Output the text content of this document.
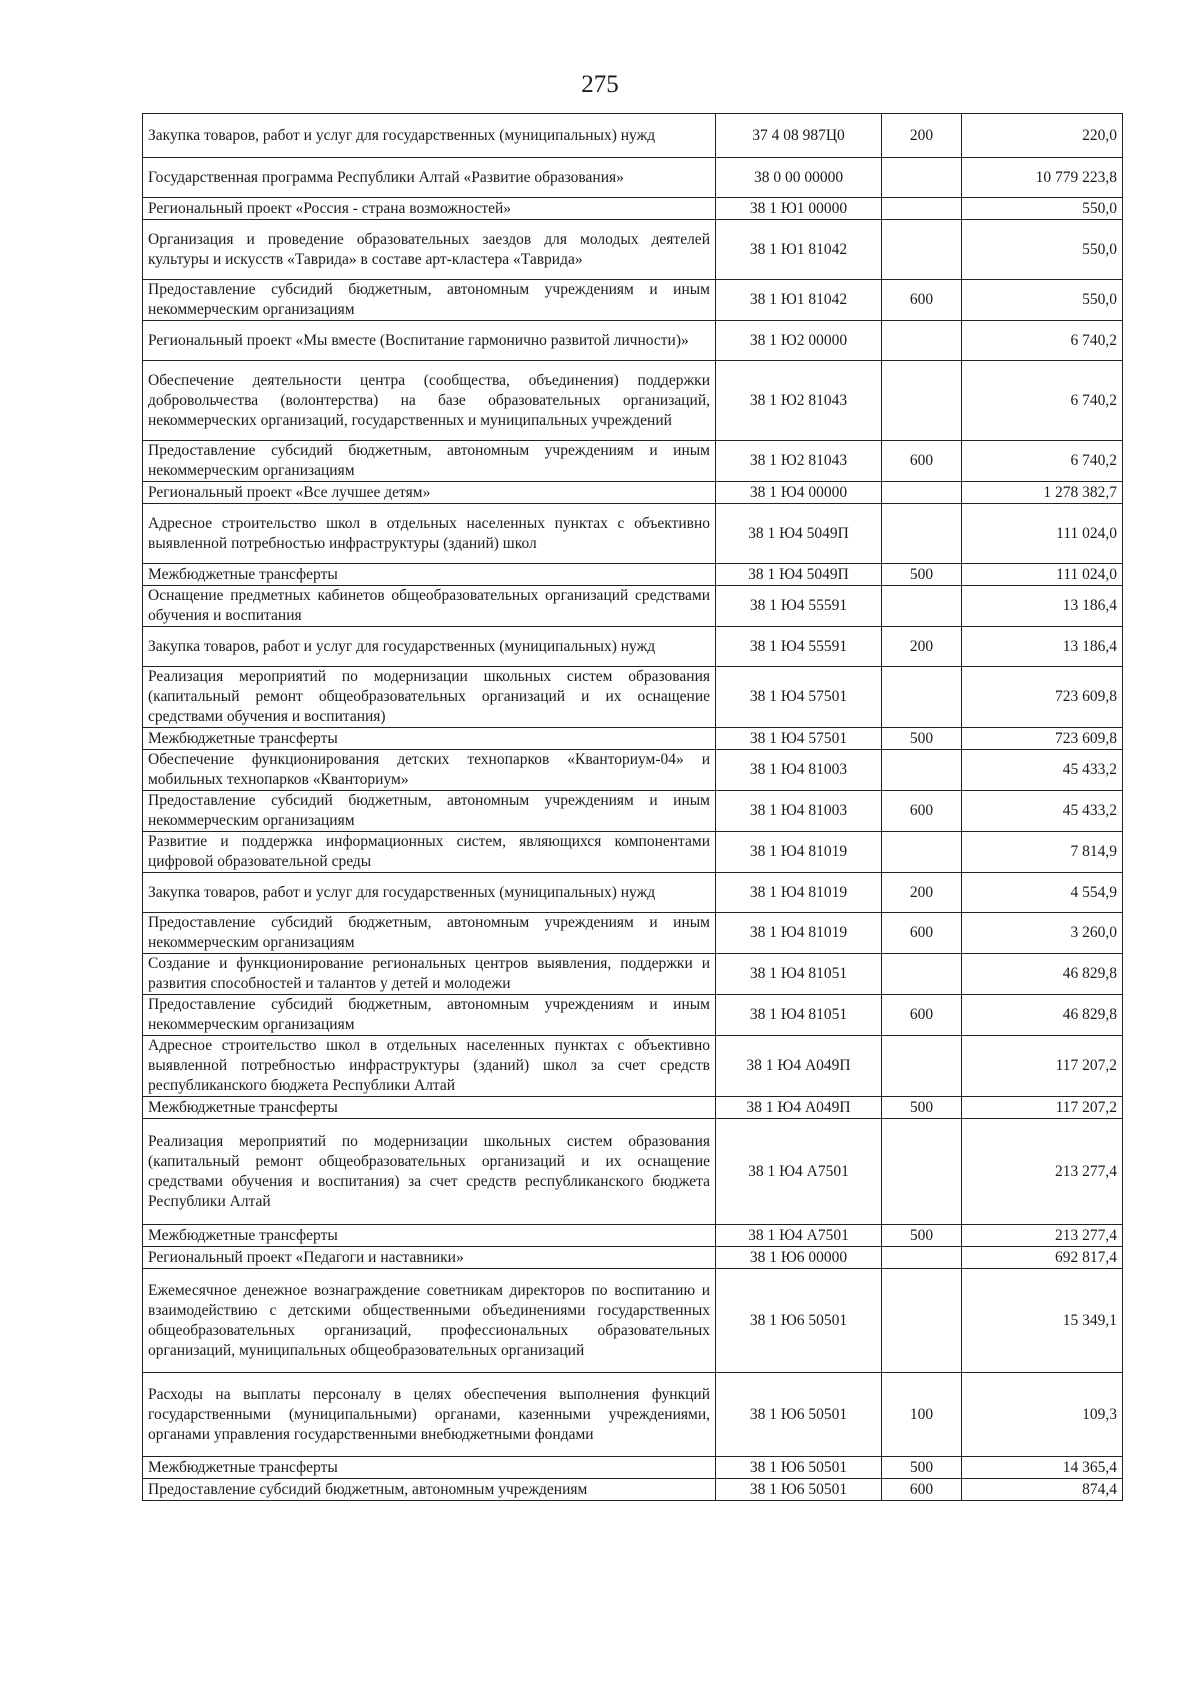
275
Закупка товаров, работ и услуг для государственных (муниципальных) нужд	37 4 08 987Ц0	200	220,0
Государственная программа Республики Алтай «Развитие образования»	38 0 00 00000		10 779 223,8
Региональный проект «Россия - страна возможностей»	38 1 Ю1 00000		550,0
Организация и проведение образовательных заездов для молодых деятелей культуры и искусств «Таврида» в составе арт-кластера «Таврида»	38 1 Ю1 81042		550,0
Предоставление субсидий бюджетным, автономным учреждениям и иным некоммерческим организациям	38 1 Ю1 81042	600	550,0
Региональный проект «Мы вместе (Воспитание гармонично развитой личности)»	38 1 Ю2 00000		6 740,2
Обеспечение деятельности центра (сообщества, объединения) поддержки добровольчества (волонтерства) на базе образовательных организаций, некоммерческих организаций, государственных и муниципальных учреждений	38 1 Ю2 81043		6 740,2
Предоставление субсидий бюджетным, автономным учреждениям и иным некоммерческим организациям	38 1 Ю2 81043	600	6 740,2
Региональный проект «Все лучшее детям»	38 1 Ю4 00000		1 278 382,7
Адресное строительство школ в отдельных населенных пунктах с объективно выявленной потребностью инфраструктуры (зданий) школ	38 1 Ю4 5049П		111 024,0
Межбюджетные трансферты	38 1 Ю4 5049П	500	111 024,0
Оснащение предметных кабинетов общеобразовательных организаций средствами обучения и воспитания	38 1 Ю4 55591		13 186,4
Закупка товаров, работ и услуг для государственных (муниципальных) нужд	38 1 Ю4 55591	200	13 186,4
Реализация мероприятий по модернизации школьных систем образования (капитальный ремонт общеобразовательных организаций и их оснащение средствами обучения и воспитания)	38 1 Ю4 57501		723 609,8
Межбюджетные трансферты	38 1 Ю4 57501	500	723 609,8
Обеспечение функционирования детских технопарков «Кванториум-04» и мобильных технопарков «Кванториум»	38 1 Ю4 81003		45 433,2
Предоставление субсидий бюджетным, автономным учреждениям и иным некоммерческим организациям	38 1 Ю4 81003	600	45 433,2
Развитие и поддержка информационных систем, являющихся компонентами цифровой образовательной среды	38 1 Ю4 81019		7 814,9
Закупка товаров, работ и услуг для государственных (муниципальных) нужд	38 1 Ю4 81019	200	4 554,9
Предоставление субсидий бюджетным, автономным учреждениям и иным некоммерческим организациям	38 1 Ю4 81019	600	3 260,0
Создание и функционирование региональных центров выявления, поддержки и развития способностей и талантов у детей и молодежи	38 1 Ю4 81051		46 829,8
Предоставление субсидий бюджетным, автономным учреждениям и иным некоммерческим организациям	38 1 Ю4 81051	600	46 829,8
Адресное строительство школ в отдельных населенных пунктах с объективно выявленной потребностью инфраструктуры (зданий) школ за счет средств республиканского бюджета Республики Алтай	38 1 Ю4 А049П		117 207,2
Межбюджетные трансферты	38 1 Ю4 А049П	500	117 207,2
Реализация мероприятий по модернизации школьных систем образования (капитальный ремонт общеобразовательных организаций и их оснащение средствами обучения и воспитания) за счет средств республиканского бюджета Республики Алтай	38 1 Ю4 А7501		213 277,4
Межбюджетные трансферты	38 1 Ю4 А7501	500	213 277,4
Региональный проект «Педагоги и наставники»	38 1 Ю6 00000		692 817,4
Ежемесячное денежное вознаграждение советникам директоров по воспитанию и взаимодействию с детскими общественными объединениями государственных общеобразовательных организаций, профессиональных образовательных организаций, муниципальных общеобразовательных организаций	38 1 Ю6 50501		15 349,1
Расходы на выплаты персоналу в целях обеспечения выполнения функций государственными (муниципальными) органами, казенными учреждениями, органами управления государственными внебюджетными фондами	38 1 Ю6 50501	100	109,3
Межбюджетные трансферты	38 1 Ю6 50501	500	14 365,4
Предоставление субсидий бюджетным, автономным учреждениям	38 1 Ю6 50501	600	874,4
